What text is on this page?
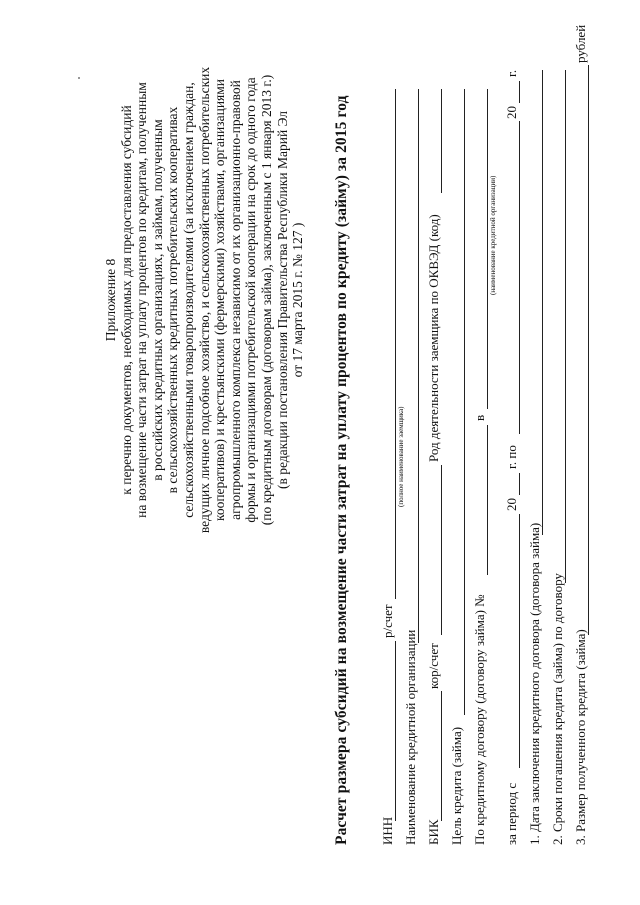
Приложение 8 к перечню документов, необходимых для предоставления субсидий на возмещение части затрат на уплату процентов по кредитам, полученным в российских кредитных организациях, и займам, полученным в сельскохозяйственных кредитных потребительских кооперативах сельскохозяйственными товаропроизводителями (за исключением граждан, ведущих личное подсобное хозяйство, и сельскохозяйственных потребительских кооперативов) и крестьянскими (фермерскими) хозяйствами, организациями агропромышленного комплекса независимо от их организационно-правовой формы и организациями потребительской кооперации на срок до одного года (по кредитным договорам (договорам займа), заключенным с 1 января 2013 г.) (в редакции постановления Правительства Республики Марий Эл от 17 марта 2015 г. № 127 ) Расчет размера субсидий на возмещение части затрат на уплату процентов по кредиту (займу) за 2015 год ИНН
р/счет
(полное наименование заемщика)
Наименование кредитной организации БИК
кор/счет
Род деятельности заемщика по ОКВЭД (код)
Цель кредита (займа) По кредитному договору (договору займа) №
в
(наименование кредитной организации)
за период с
20
г. по
20
г.
1. Дата заключения кредитного договора (договора займа) 2. Сроки погашения кредита (займа) по договору 3. Размер полученного кредита (займа)
рублей
